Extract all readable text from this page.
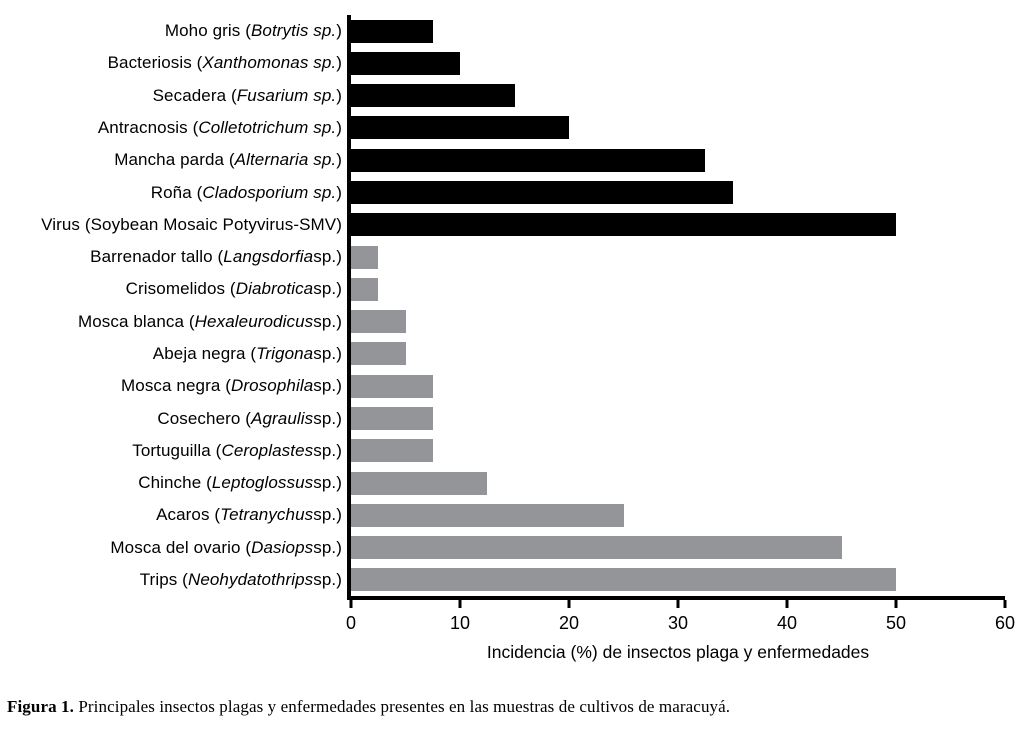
Moho gris ( Botrytis sp. )
Bacteriosis ( Xanthomonas sp. )
Secadera ( Fusarium sp. )
Antracnosis ( Colletotrichum sp. )
Mancha parda ( Alternaria sp. )
Roña ( Cladosporium sp. )
Virus (Soybean Mosaic Potyvirus-SMV)
Barrenador tallo ( Langsdorfia sp.)
Crisomelidos ( Diabrotica sp.)
Mosca blanca ( Hexaleurodicus sp.)
Abeja negra ( Trigona sp.)
Mosca negra ( Drosophila sp.)
Cosechero ( Agraulis sp.)
Tortuguilla ( Ceroplastes sp.)
Chinche ( Leptoglossus sp.)
Acaros ( Tetranychus sp.)
Mosca del ovario ( Dasiops sp.)
Trips ( Neohydatothrips sp.)
Incidencia (%) de insectos plaga y enfermedades
0	10	20	30	40	50	60
Figura 1. Principales insectos plagas y enfermedades presentes en las muestras de cultivos de maracuyá.
